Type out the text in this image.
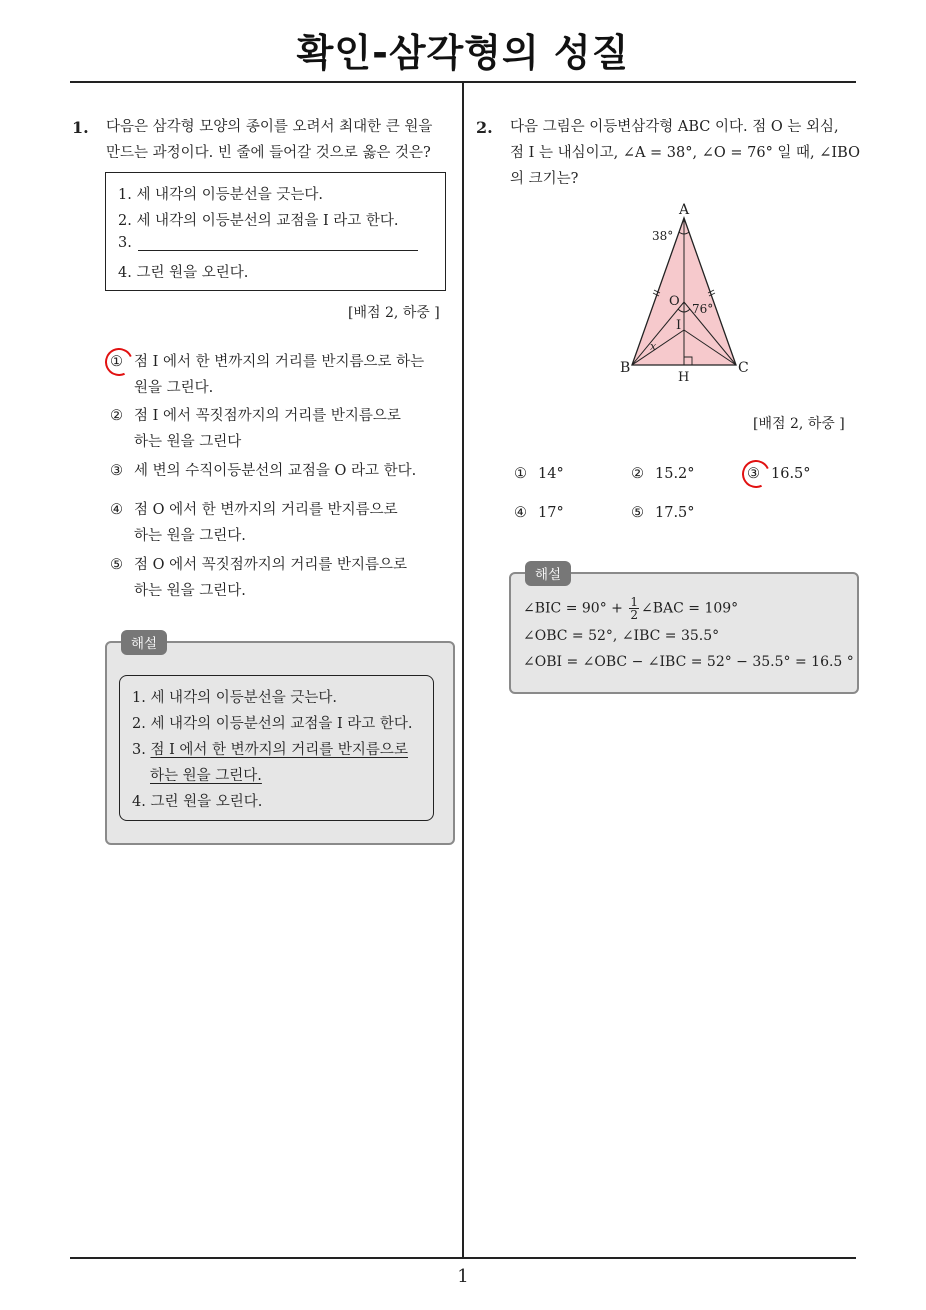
확인-삼각형의 성질
1
1. 다음은 삼각형 모양의 종이를 오려서 최대한 큰 원을
만드는 과정이다. 빈 줄에 들어갈 것으로 옳은 것은?
1. 세 내각의 이등분선을 긋는다.
2. 세 내각의 이등분선의 교점을 I 라고 한다.
3.
4. 그린 원을 오린다.
[배점 2, 하중 ]
① 점 I 에서 한 변까지의 거리를 반지름으로 하는
원을 그린다.
② 점 I 에서 꼭짓점까지의 거리를 반지름으로
하는 원을 그린다
③ 세 변의 수직이등분선의 교점을 O 라고 한다.
④ 점 O 에서 한 변까지의 거리를 반지름으로
하는 원을 그린다.
⑤ 점 O 에서 꼭짓점까지의 거리를 반지름으로
하는 원을 그린다.
1. 세 내각의 이등분선을 긋는다.
2. 세 내각의 이등분선의 교점을 I 라고 한다.
3. 점 I 에서 한 변까지의 거리를 반지름으로
하는 원을 그린다.
4. 그린 원을 오린다.
해설
2. 다음 그림은 이등변삼각형 ABC 이다. 점 O 는 외심,
점 I 는 내심이고, ∠A = 38°, ∠O = 76° 일 때, ∠IBO
의 크기는?
A
B	C
O
I
H
38°
76°
x
[배점 2, 하중 ]
① 14°	② 15.2°	③ 16.5°
④ 17°	⑤ 17.5°
∠BIC = $90^\circ + \frac{1}{2}$ ∠BAC = 109°
∠OBC = 52°, ∠IBC = 35.5°
∠OBI = ∠OBC − ∠IBC = 52° − 35.5° = 16.5 °
해설
